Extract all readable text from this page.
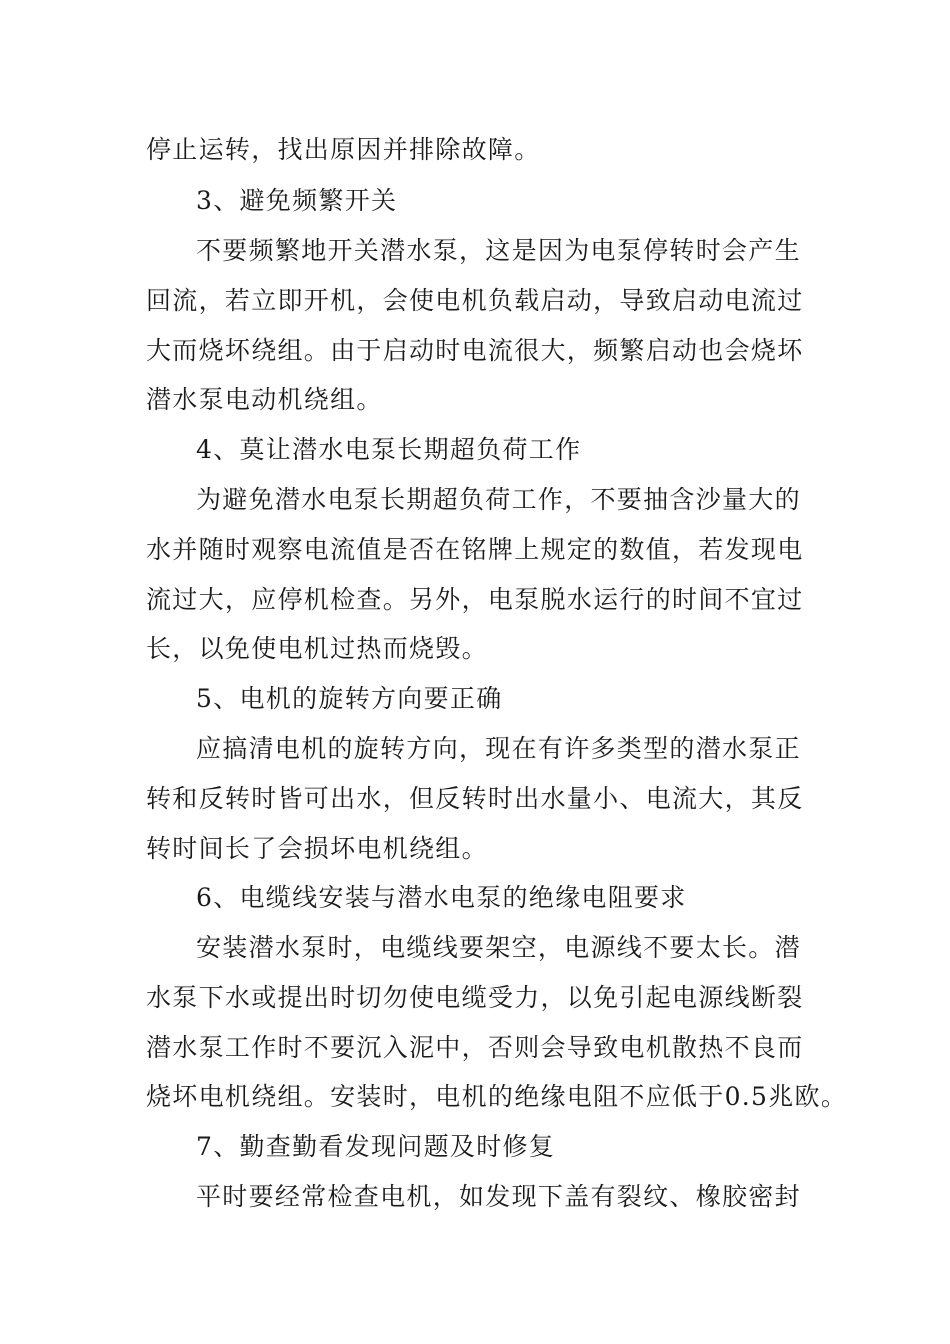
停止运转，找出原因并排除故障。
3、避免频繁开关
不要频繁地开关潜水泵，这是因为电泵停转时会产生
回流，若立即开机，会使电机负载启动，导致启动电流过
大而烧坏绕组。由于启动时电流很大，频繁启动也会烧坏
潜水泵电动机绕组。
4、莫让潜水电泵长期超负荷工作
为避免潜水电泵长期超负荷工作，不要抽含沙量大的
水并随时观察电流值是否在铭牌上规定的数值，若发现电
流过大，应停机检查。另外，电泵脱水运行的时间不宜过
长，以免使电机过热而烧毁。
5、电机的旋转方向要正确
应搞清电机的旋转方向，现在有许多类型的潜水泵正
转和反转时皆可出水，但反转时出水量小、电流大，其反
转时间长了会损坏电机绕组。
6、电缆线安装与潜水电泵的绝缘电阻要求
安装潜水泵时，电缆线要架空，电源线不要太长。潜
水泵下水或提出时切勿使电缆受力，以免引起电源线断裂
潜水泵工作时不要沉入泥中，否则会导致电机散热不良而
烧坏电机绕组。安装时，电机的绝缘电阻不应低于0.5兆欧。
7、勤查勤看发现问题及时修复
平时要经常检查电机，如发现下盖有裂纹、橡胶密封
